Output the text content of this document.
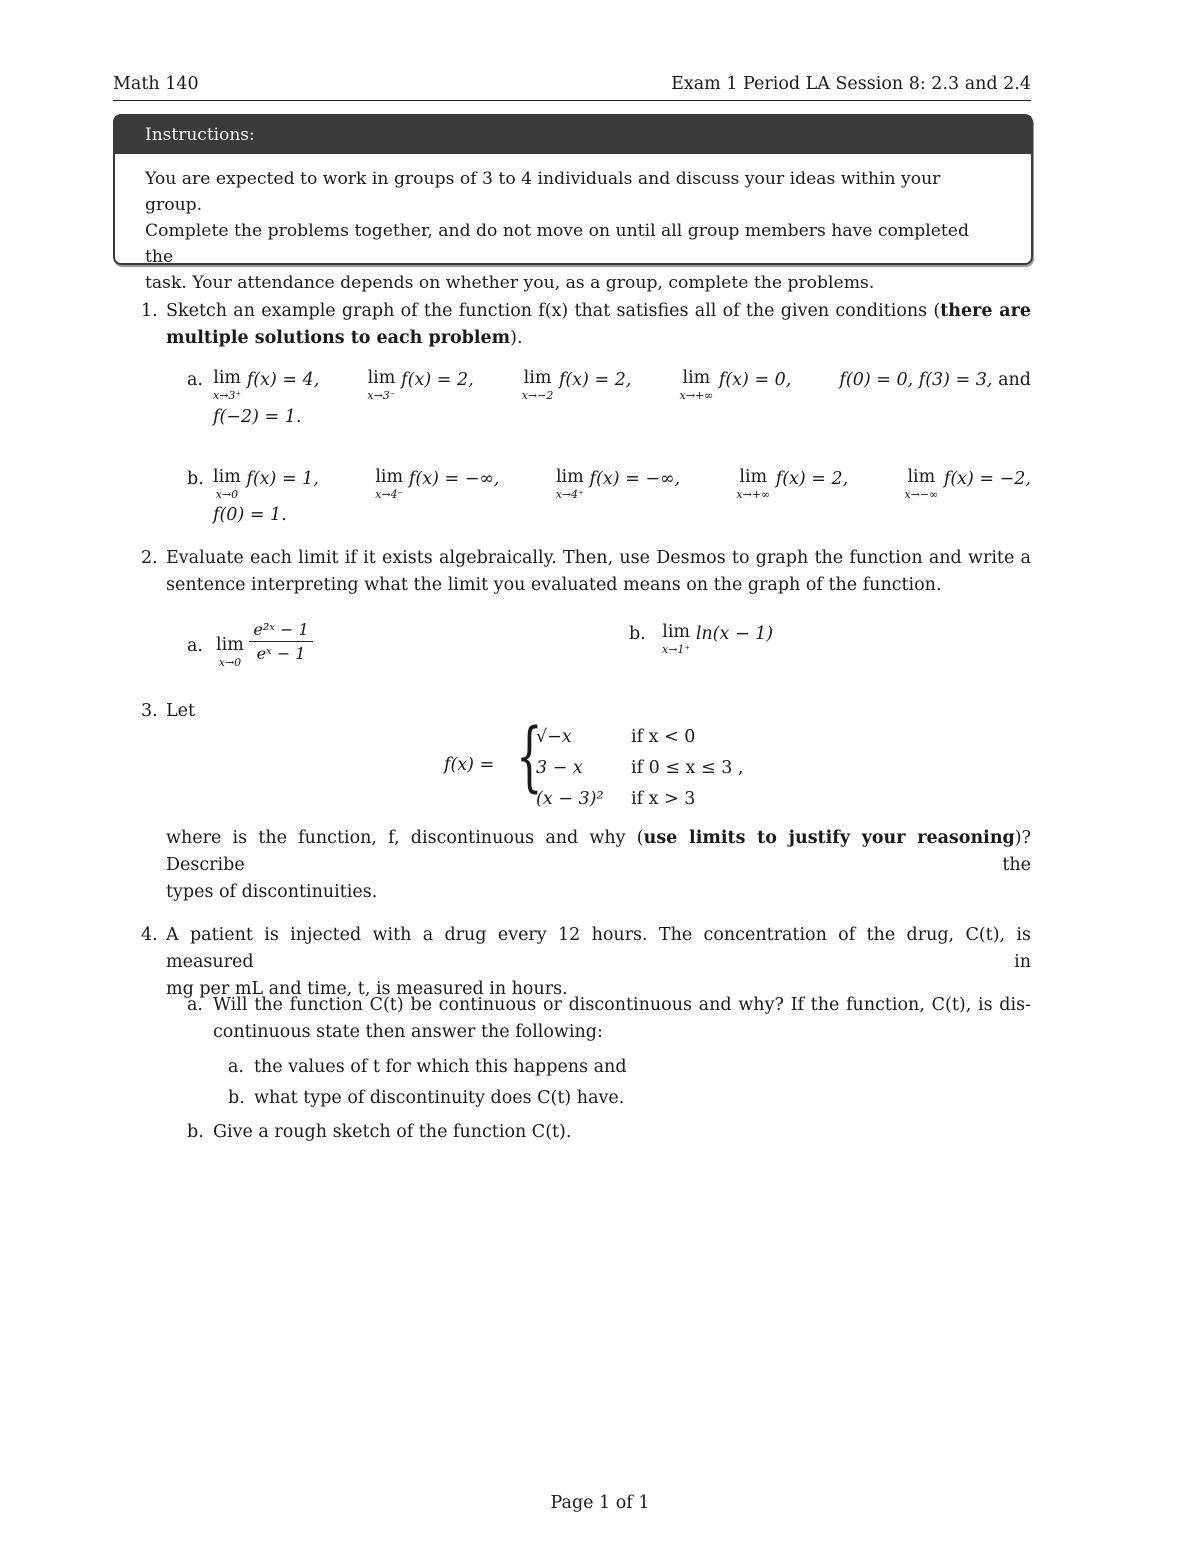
Math 140	Exam 1 Period LA Session 8: 2.3 and 2.4
Instructions:
You are expected to work in groups of 3 to 4 individuals and discuss your ideas within your group.
Complete the problems together, and do not move on until all group members have completed the
task. Your attendance depends on whether you, as a group, complete the problems.
1. Sketch an example graph of the function f(x) that satisfies all of the given conditions (there are
multiple solutions to each problem).
a. lim
x→3⁺
f(x) = 4,	lim
x→3⁻
f(x) = 2,	lim
x→−2
f(x) = 2,	lim
x→+∞
f(x) = 0,	f(0) = 0, f(3) = 3, and
f(−2) = 1.
b. lim
x→0
f(x) = 1,	lim
x→4⁻
f(x) = −∞,	lim
x→4⁺
f(x) = −∞,	lim
x→+∞
f(x) = 2,	lim
x→−∞
f(x) = −2,
f(0) = 1.
2. Evaluate each limit if it exists algebraically. Then, use Desmos to graph the function and write a
sentence interpreting what the limit you evaluated means on the graph of the function.
a. lim
x→0
$\frac{\text{e²ˣ − 1}}{\text{eˣ − 1}}$	b. lim
x→1⁺
ln(x − 1)
3. Let
f(x) = {
√−x	if x < 0
3 − x	if 0 ≤ x ≤ 3 ,
(x − 3)²	if x > 3
where is the function, f, discontinuous and why (use limits to justify your reasoning)? Describe the
types of discontinuities.
4. A patient is injected with a drug every 12 hours. The concentration of the drug, C(t), is measured in
mg per mL and time, t, is measured in hours.
a. Will the function C(t) be continuous or discontinuous and why? If the function, C(t), is dis-
continuous state then answer the following:
a. the values of t for which this happens and
b. what type of discontinuity does C(t) have.
b. Give a rough sketch of the function C(t).
Page 1 of 1
